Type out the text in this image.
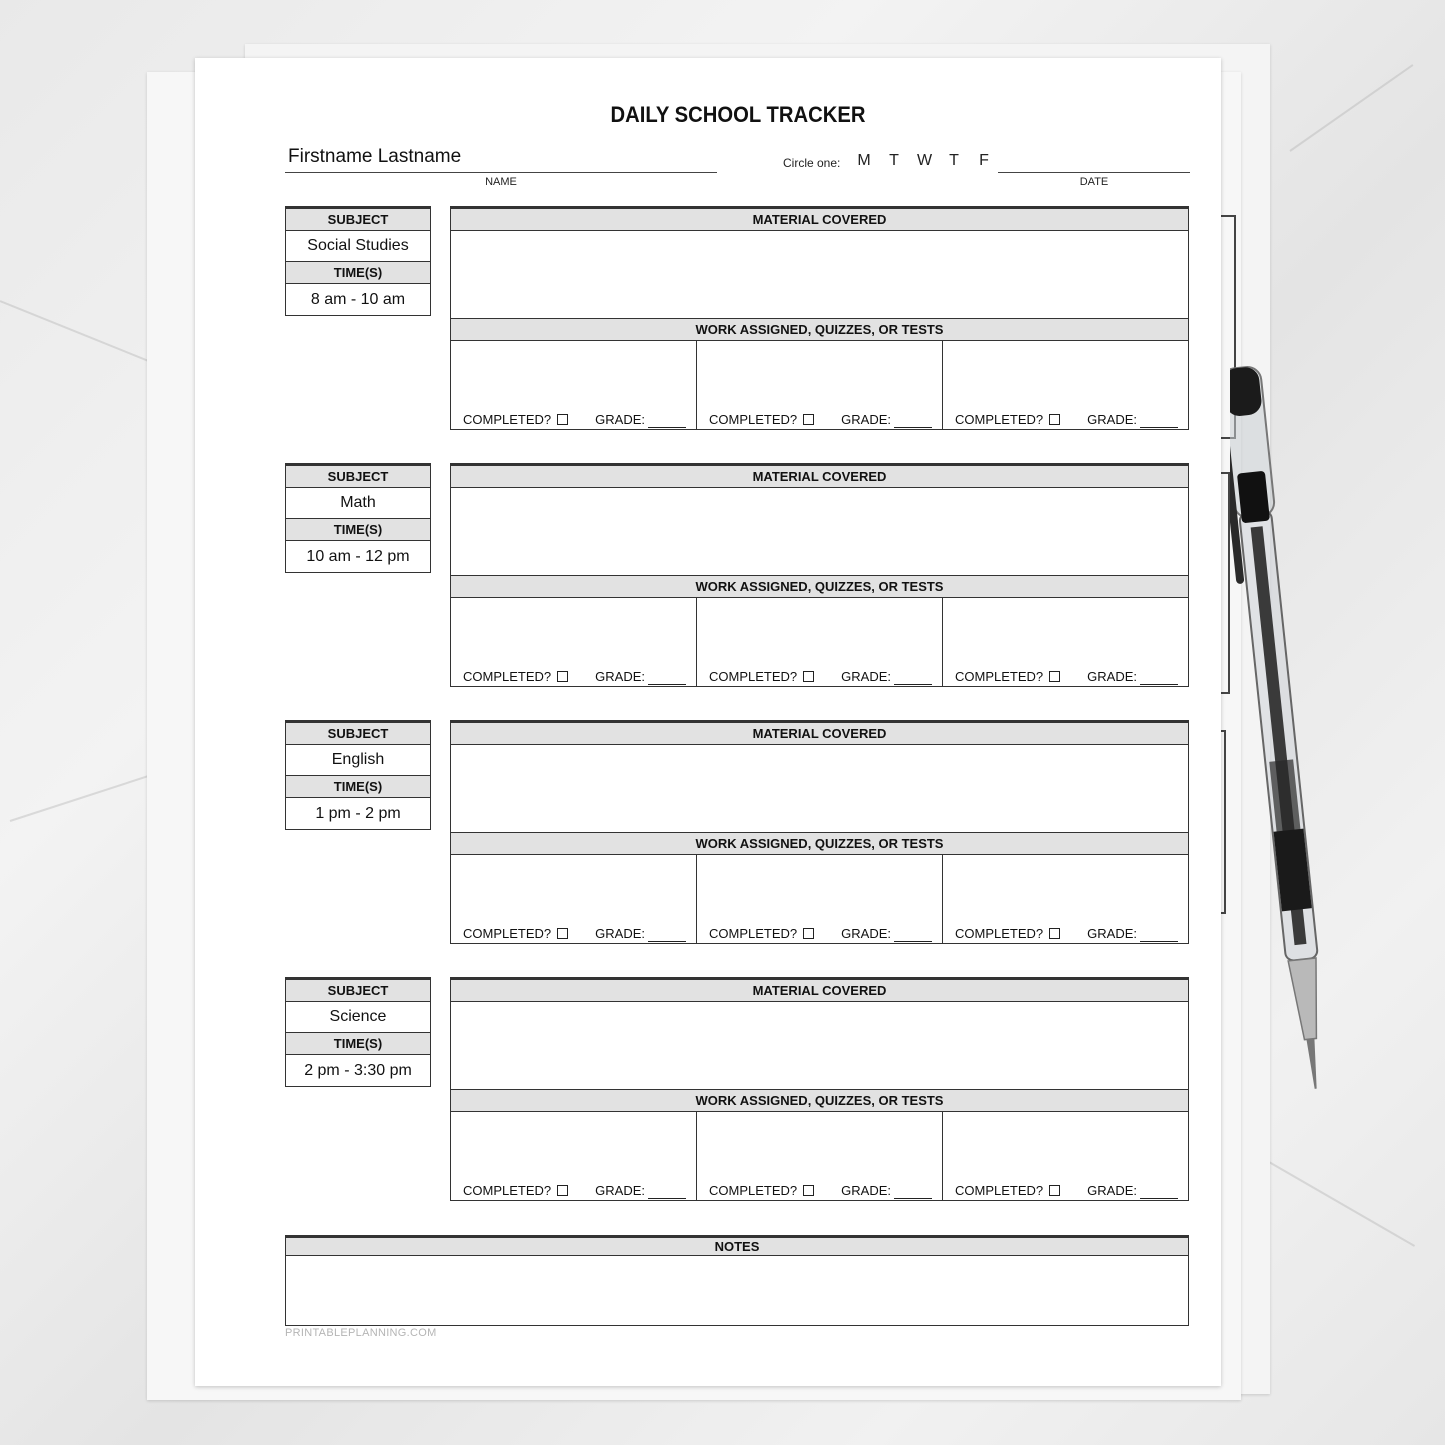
DAILY SCHOOL TRACKER
Firstname Lastname
NAME
Circle one: M T W T F
DATE
SUBJECT
Social Studies
TIME(S)
8 am - 10 am
MATERIAL COVERED
WORK ASSIGNED, QUIZZES, OR TESTS
COMPLETED?	GRADE:	COMPLETED?	GRADE:	COMPLETED?	GRADE:
SUBJECT
Math
TIME(S)
10 am - 12 pm
MATERIAL COVERED
WORK ASSIGNED, QUIZZES, OR TESTS
COMPLETED?	GRADE:	COMPLETED?	GRADE:	COMPLETED?	GRADE:
SUBJECT
English
TIME(S)
1 pm - 2 pm
MATERIAL COVERED
WORK ASSIGNED, QUIZZES, OR TESTS
COMPLETED?	GRADE:	COMPLETED?	GRADE:	COMPLETED?	GRADE:
SUBJECT
Science
TIME(S)
2 pm - 3:30 pm
MATERIAL COVERED
WORK ASSIGNED, QUIZZES, OR TESTS
COMPLETED?	GRADE:	COMPLETED?	GRADE:	COMPLETED?	GRADE:
NOTES
PRINTABLEPLANNING.COM
